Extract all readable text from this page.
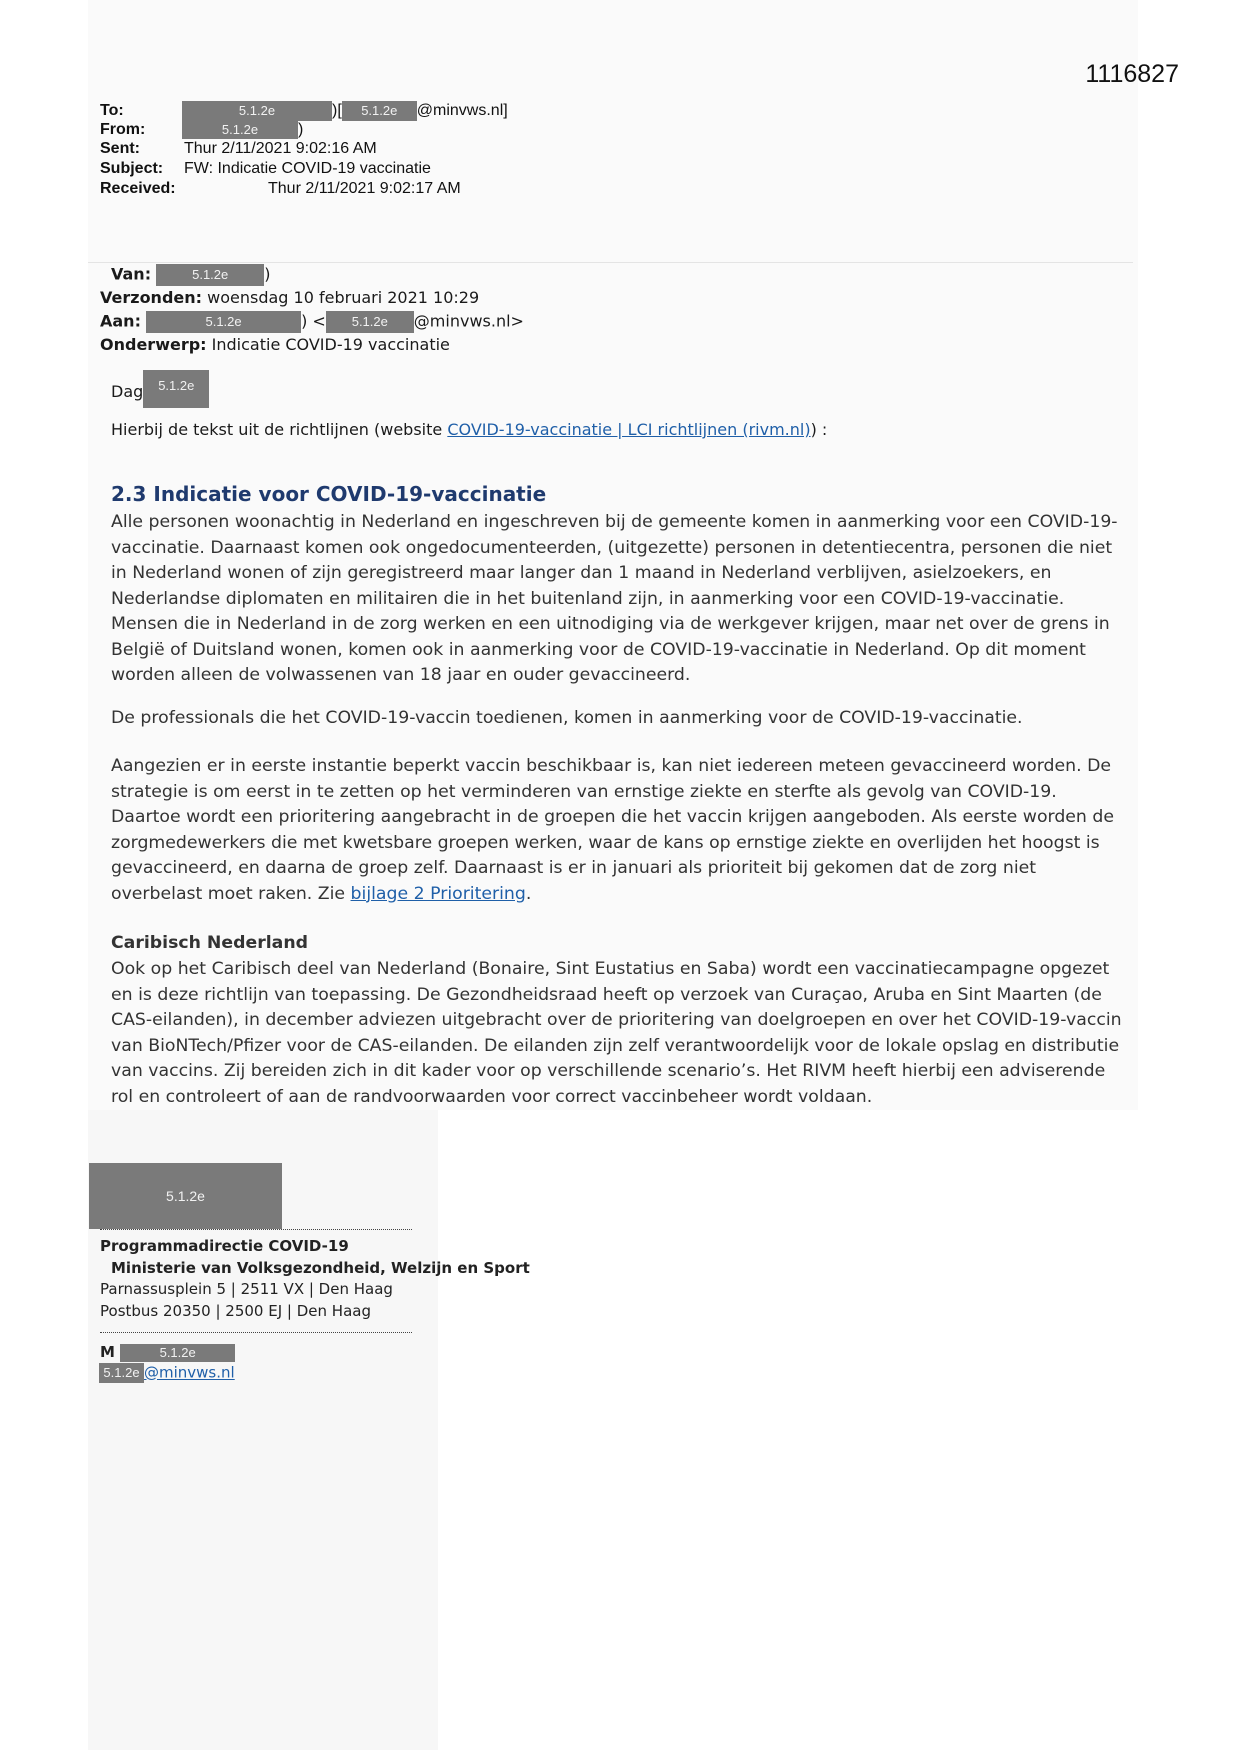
1116827
To:	5.1.2e	)[ 5.1.2e @minvws.nl]
From:	5.1.2e )
Sent:	Thur 2/11/2021 9:02:16 AM
Subject: FW: Indicatie COVID-19 vaccinatie
Received:	Thur 2/11/2021 9:02:17 AM
Van:	5.1.2e )
Verzonden: woensdag 10 februari 2021 10:29
Aan:	5.1.2e	) < 5.1.2e @minvws.nl>
Onderwerp: Indicatie COVID-19 vaccinatie
Dag 5.1.2e
Hierbij de tekst uit de richtlijnen (website COVID-19-vaccinatie | LCI richtlijnen (rivm.nl)) :
2.3 Indicatie voor COVID-19-vaccinatie

Alle personen woonachtig in Nederland en ingeschreven bij de gemeente komen in aanmerking voor een COVID-19-vaccinatie. Daarnaast komen ook ongedocumenteerden, (uitgezette) personen in detentiecentra, personen die niet in Nederland wonen of zijn geregistreerd maar langer dan 1 maand in Nederland verblijven, asielzoekers, en Nederlandse diplomaten en militairen die in het buitenland zijn, in aanmerking voor een COVID-19-vaccinatie. Mensen die in Nederland in de zorg werken en een uitnodiging via de werkgever krijgen, maar net over de grens in België of Duitsland wonen, komen ook in aanmerking voor de COVID-19-vaccinatie in Nederland. Op dit moment worden alleen de volwassenen van 18 jaar en ouder gevaccineerd.

De professionals die het COVID-19-vaccin toedienen, komen in aanmerking voor de COVID-19-vaccinatie.

Aangezien er in eerste instantie beperkt vaccin beschikbaar is, kan niet iedereen meteen gevaccineerd worden. De strategie is om eerst in te zetten op het verminderen van ernstige ziekte en sterfte als gevolg van COVID-19. Daartoe wordt een prioritering aangebracht in de groepen die het vaccin krijgen aangeboden. Als eerste worden de zorgmedewerkers die met kwetsbare groepen werken, waar de kans op ernstige ziekte en overlijden het hoogst is gevaccineerd, en daarna de groep zelf. Daarnaast is er in januari als prioriteit bij gekomen dat de zorg niet overbelast moet raken. Zie bijlage 2 Prioritering.

Caribisch Nederland

Ook op het Caribisch deel van Nederland (Bonaire, Sint Eustatius en Saba) wordt een vaccinatiecampagne opgezet en is deze richtlijn van toepassing. De Gezondheidsraad heeft op verzoek van Curaçao, Aruba en Sint Maarten (de CAS-eilanden), in december adviezen uitgebracht over de prioritering van doelgroepen en over het COVID-19-vaccin van BioNTech/Pfizer voor de CAS-eilanden. De eilanden zijn zelf verantwoordelijk voor de lokale opslag en distributie van vaccins. Zij bereiden zich in dit kader voor op verschillende scenario’s. Het RIVM heeft hierbij een adviserende rol en controleert of aan de randvoorwaarden voor correct vaccinbeheer wordt voldaan.

5.1.2e
Programmadirectie COVID-19
Ministerie van Volksgezondheid, Welzijn en Sport
Parnassusplein 5 | 2511 VX | Den Haag
Postbus 20350 | 2500 EJ | Den Haag
M	5.1.2e
5.1.2e @minvws.nl
